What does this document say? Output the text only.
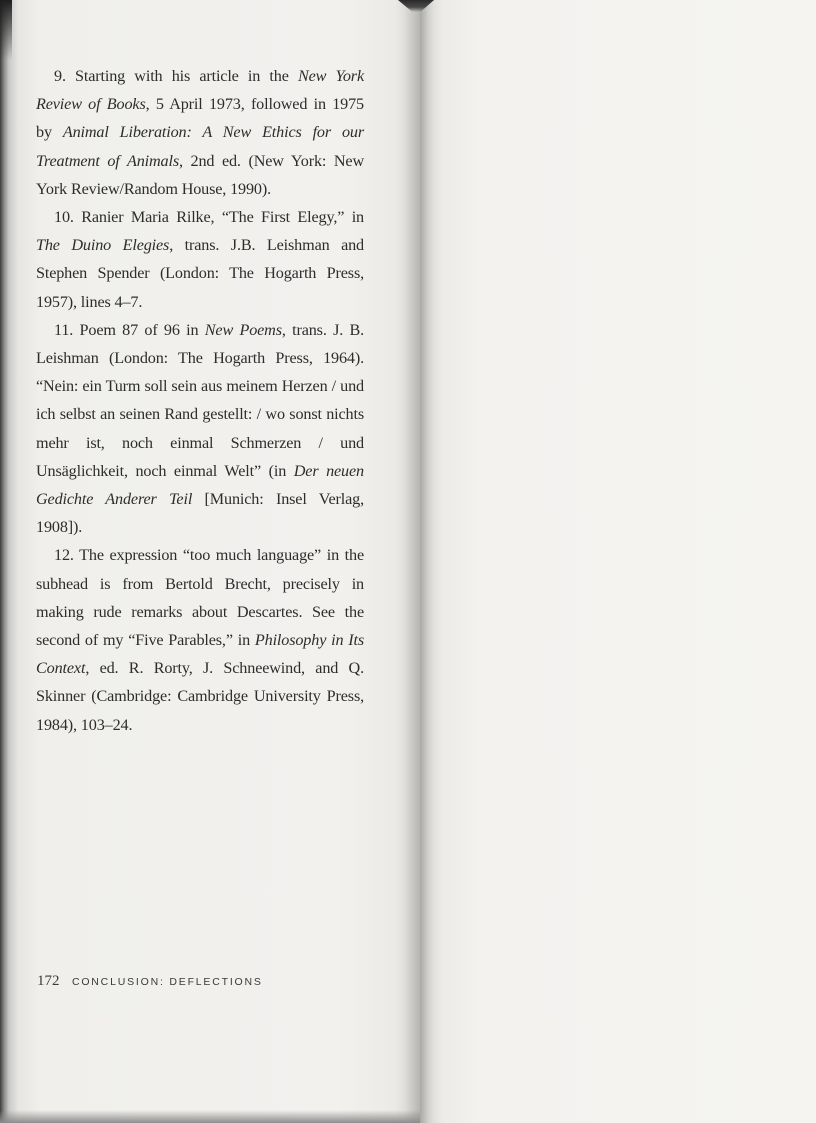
9. Starting with his article in the New York Review of Books, 5 April 1973, followed in 1975 by Animal Liberation: A New Ethics for our Treatment of Animals, 2nd ed. (New York: New York Review/Random House, 1990).

10. Ranier Maria Rilke, “The First Elegy,” in The Duino Elegies, trans. J.B. Leishman and Stephen Spender (London: The Hogarth Press, 1957), lines 4–7.

11. Poem 87 of 96 in New Poems, trans. J. B. Leishman (London: The Hogarth Press, 1964). “Nein: ein Turm soll sein aus meinem Herzen / und ich selbst an seinen Rand gestellt: / wo sonst nichts mehr ist, noch einmal Schmerzen / und Unsäglichkeit, noch einmal Welt” (in Der neuen Gedichte Anderer Teil [Munich: Insel Verlag, 1908]).

12. The expression “too much language” in the subhead is from Bertold Brecht, precisely in making rude remarks about Descartes. See the second of my “Five Parables,” in Philosophy in Its Context, ed. R. Rorty, J. Schneewind, and Q. Skinner (Cambridge: Cambridge University Press, 1984), 103–24.

172 CONCLUSION: DEFLECTIONS
